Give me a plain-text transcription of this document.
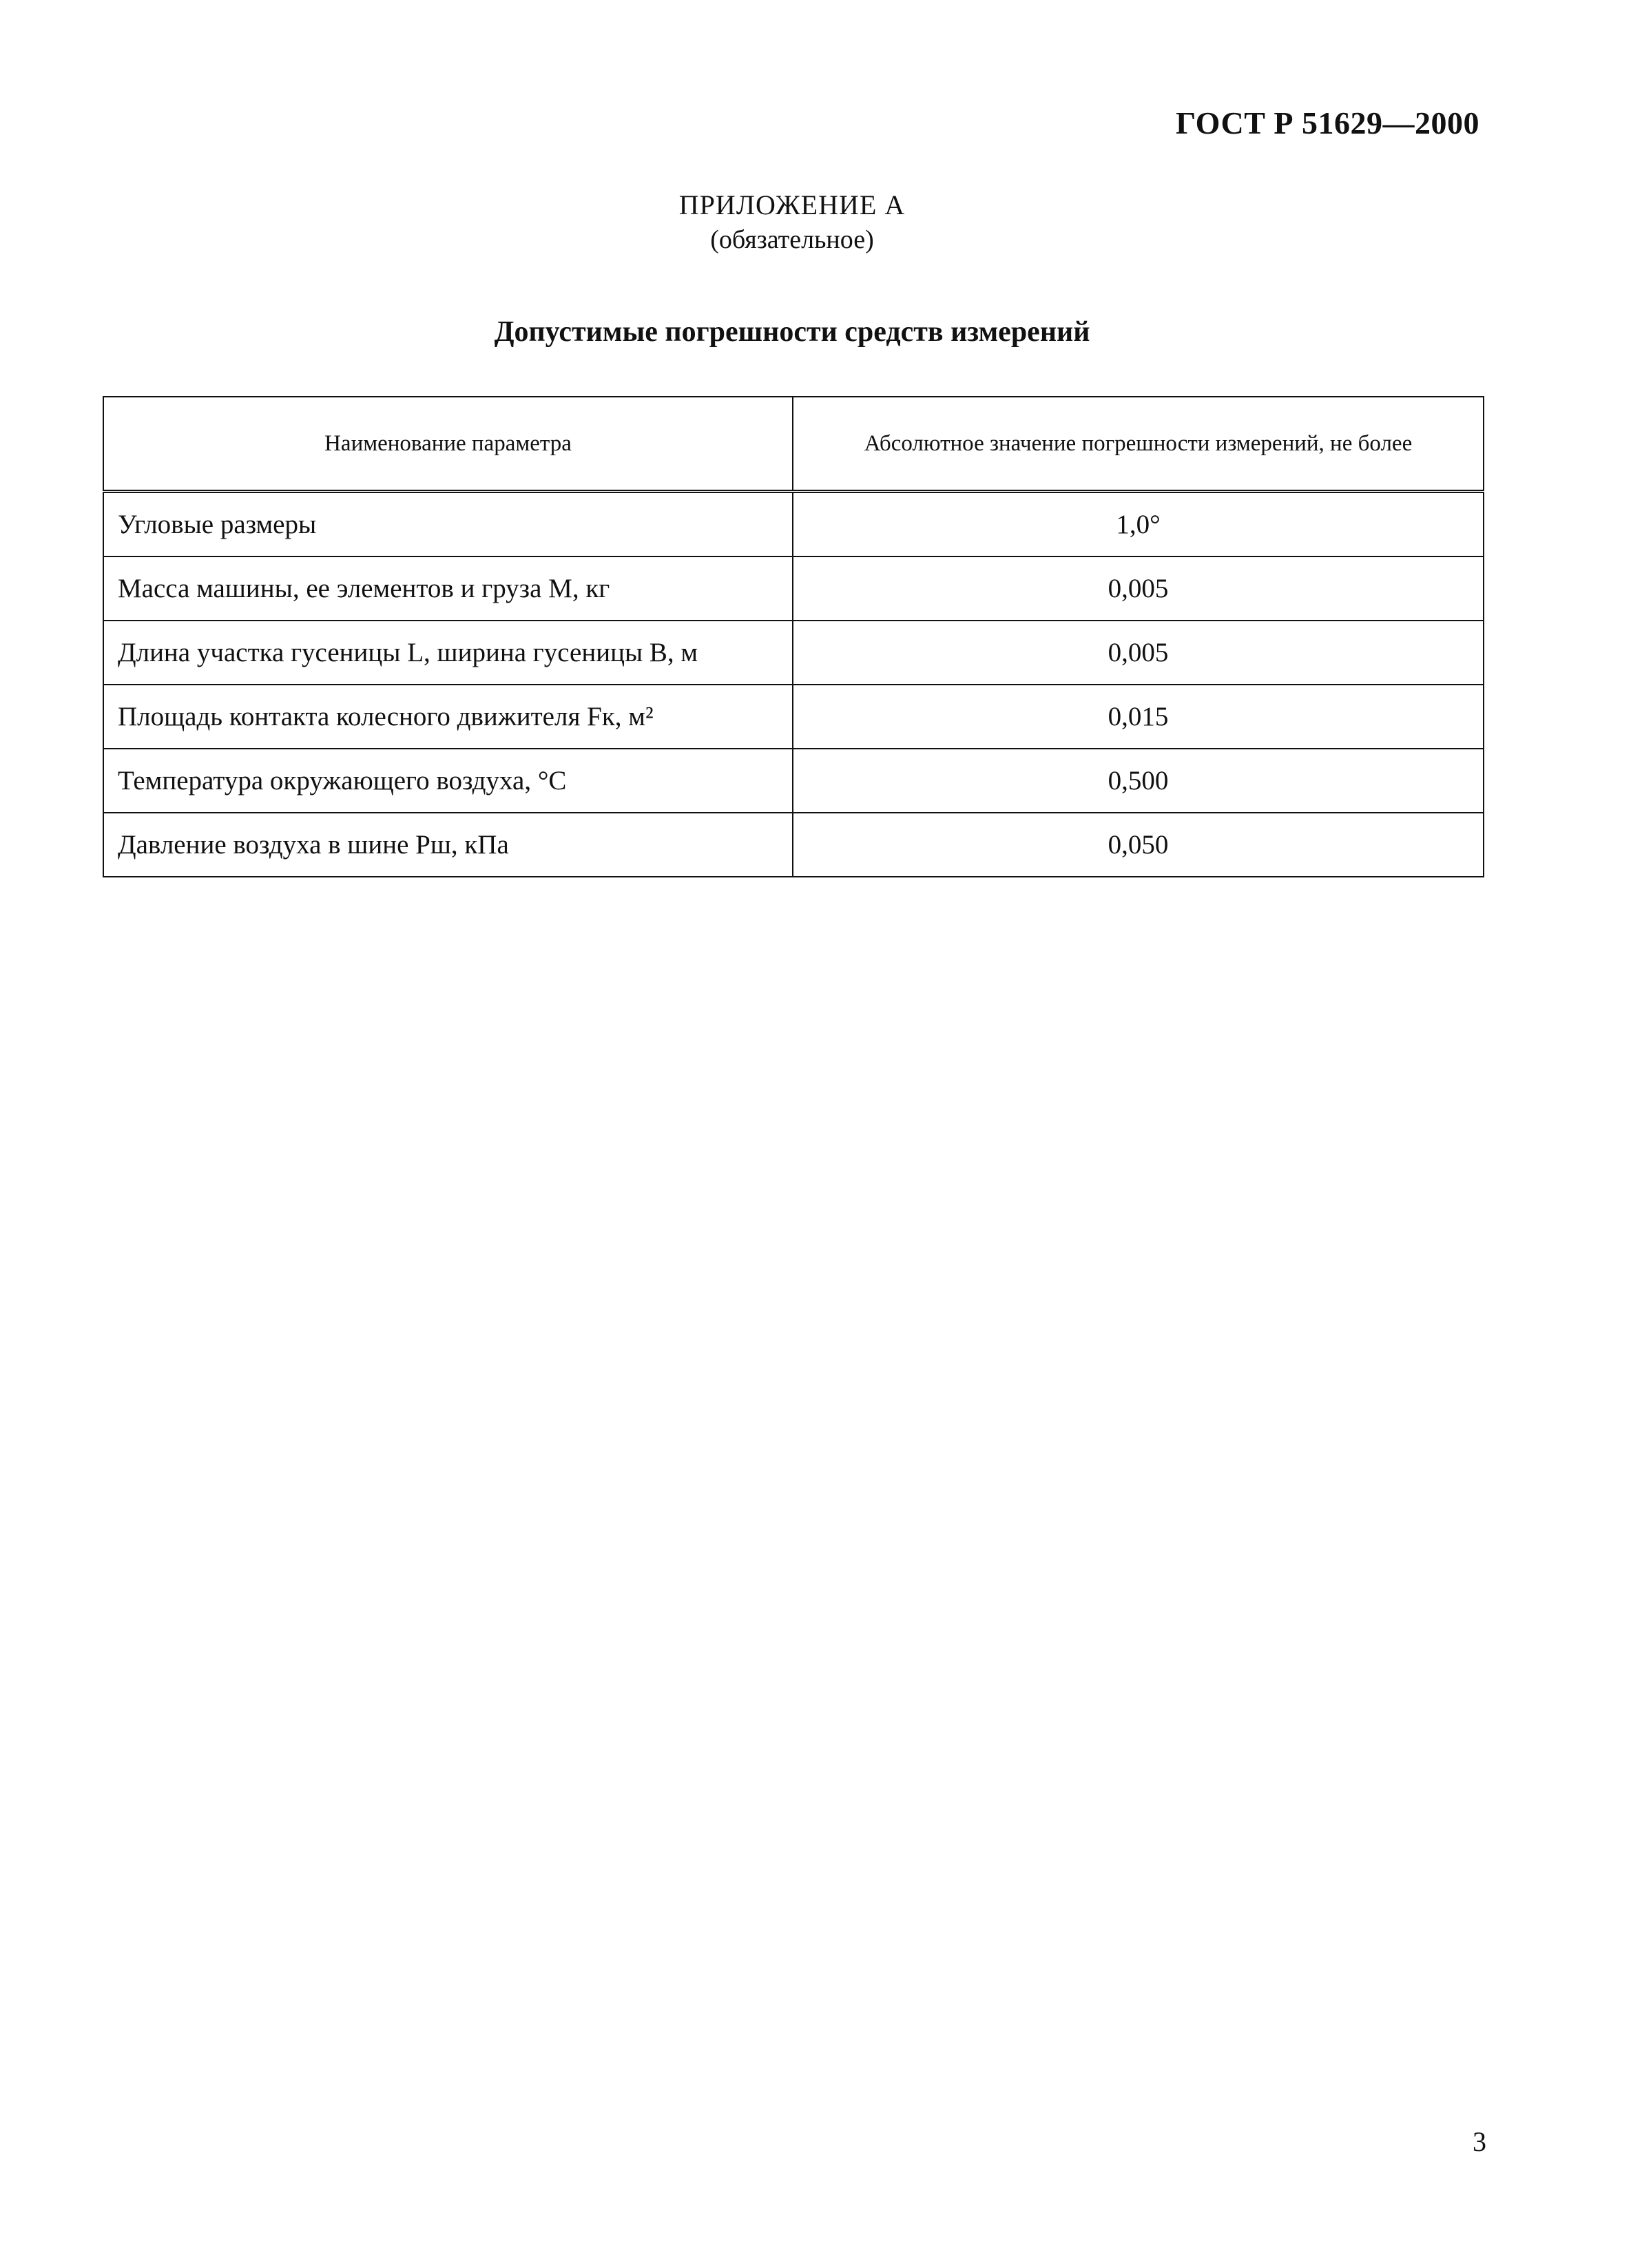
ГОСТ Р 51629—2000
ПРИЛОЖЕНИЕ А
(обязательное)
Допустимые погрешности средств измерений
Наименование параметра	Абсолютное значение погрешности измерений, не более
Угловые размеры	1,0°
Масса машины, ее элементов и груза M, кг	0,005
Длина участка гусеницы L, ширина гусеницы B, м	0,005
Площадь контакта колесного движителя Fк, м²	0,015
Температура окружающего воздуха, °С	0,500
Давление воздуха в шине Pш, кПа	0,050
3
